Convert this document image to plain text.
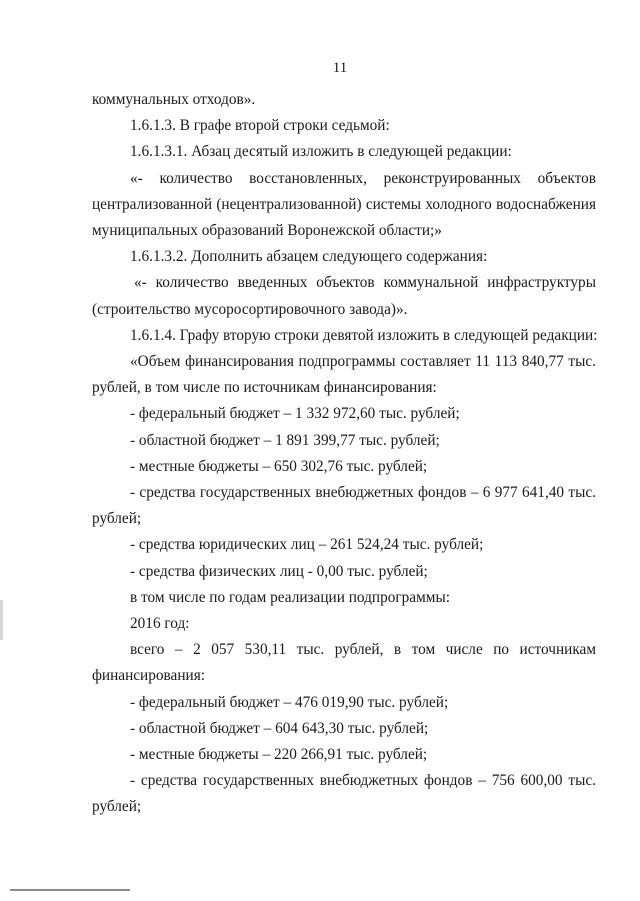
11

коммунальных отходов».

1.6.1.3. В графе второй строки седьмой:

1.6.1.3.1. Абзац десятый изложить в следующей редакции:

«- количество восстановленных, реконструированных объектов
централизованной (нецентрализованной) системы холодного водоснабжения
муниципальных образований Воронежской области;»

1.6.1.3.2. Дополнить абзацем следующего содержания:

«- количество введенных объектов коммунальной инфраструктуры
(строительство мусоросортировочного завода)».

1.6.1.4. Графу вторую строки девятой изложить в следующей редакции:

«Объем финансирования подпрограммы составляет 11 113 840,77 тыс.
рублей, в том числе по источникам финансирования:

- федеральный бюджет – 1 332 972,60 тыс. рублей;

- областной бюджет – 1 891 399,77 тыс. рублей;

- местные бюджеты – 650 302,76 тыс. рублей;

- средства государственных внебюджетных фондов – 6 977 641,40 тыс.
рублей;

- средства юридических лиц – 261 524,24 тыс. рублей;

- средства физических лиц - 0,00 тыс. рублей;

в том числе по годам реализации подпрограммы:

2016 год:

всего – 2 057 530,11 тыс. рублей, в том числе по источникам
финансирования:

- федеральный бюджет – 476 019,90 тыс. рублей;

- областной бюджет – 604 643,30 тыс. рублей;

- местные бюджеты – 220 266,91 тыс. рублей;

- средства государственных внебюджетных фондов – 756 600,00 тыс.
рублей;
